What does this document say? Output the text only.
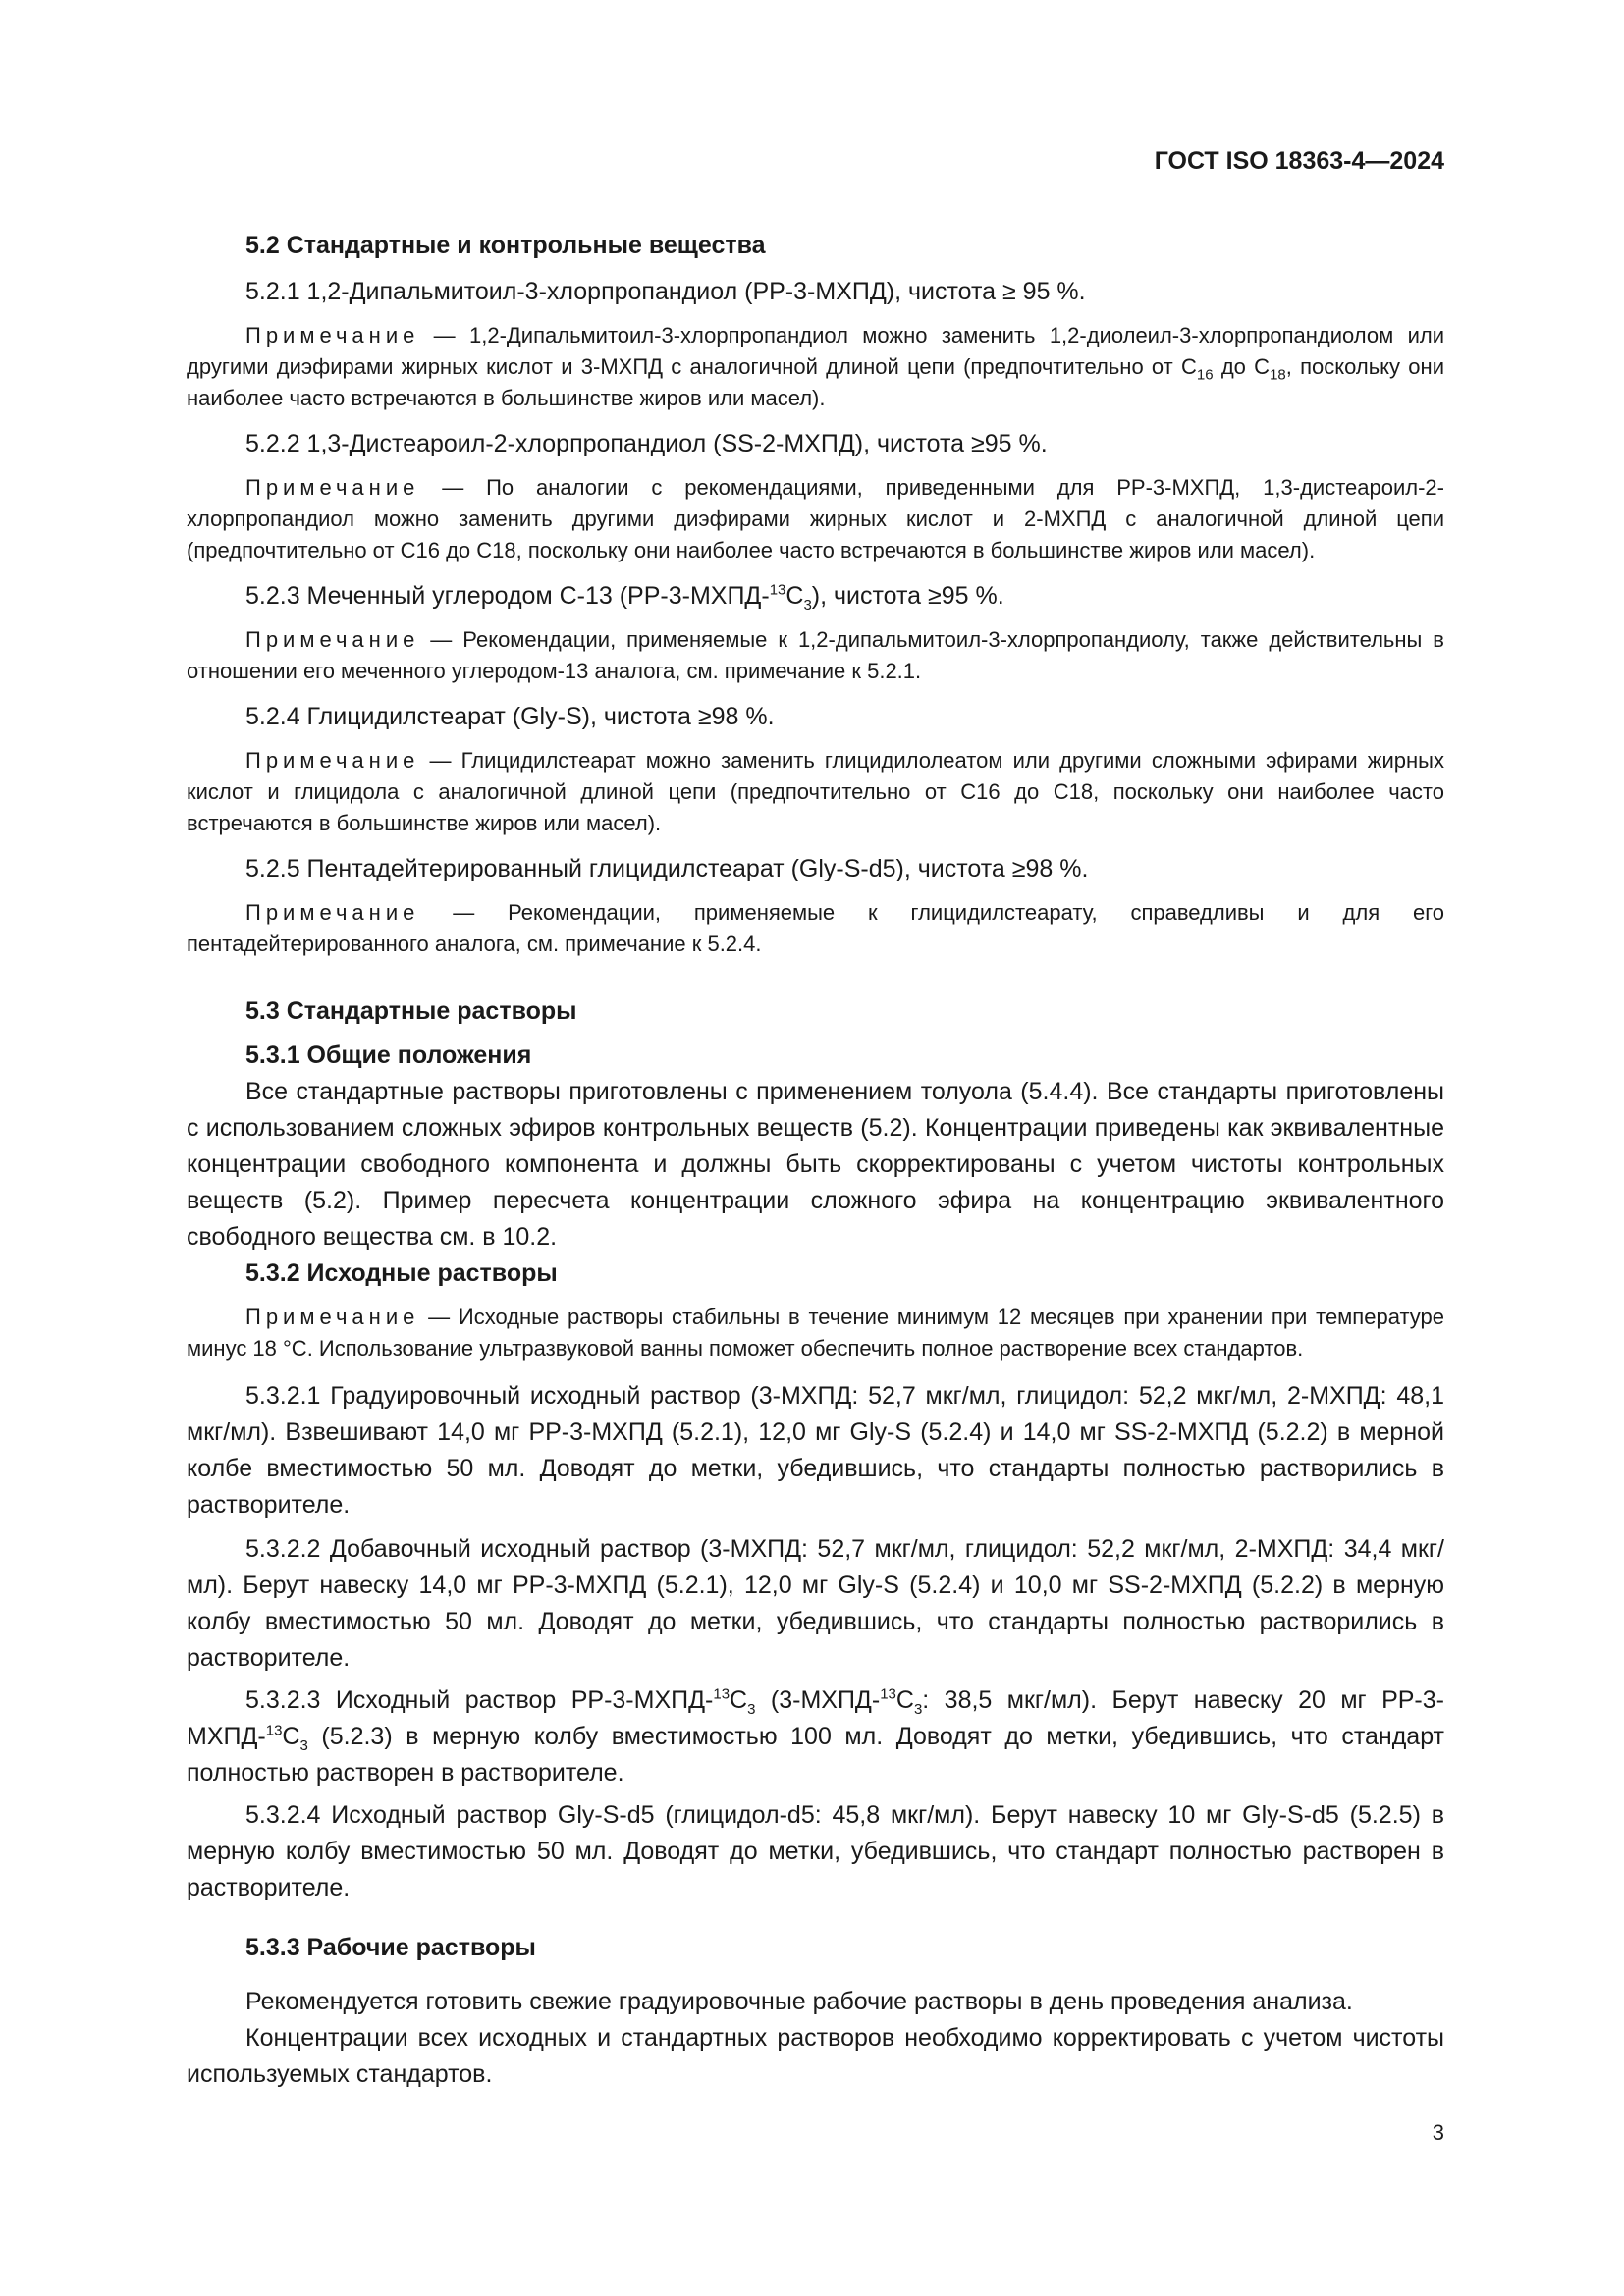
ГОСТ ISO 18363-4—2024

5.2 Стандартные и контрольные вещества

5.2.1 1,2-Дипальмитоил-3-хлорпропандиол (PP-3-МХПД), чистота ≥ 95 %.

Примечание — 1,2-Дипальмитоил-3-хлорпропандиол можно заменить 1,2-диолеил-3-хлорпропандиолом или другими диэфирами жирных кислот и 3-МХПД с аналогичной длиной цепи (предпочтительно от $С_{16}$ до $С_{18}$, поскольку они наиболее часто встречаются в большинстве жиров или масел).

5.2.2 1,3-Дистеароил-2-хлорпропандиол (SS-2-МХПД), чистота ≥95 %.

Примечание — По аналогии с рекомендациями, приведенными для PP-3-МХПД, 1,3-дистеароил-2-хлорпропандиол можно заменить другими диэфирами жирных кислот и 2-МХПД с аналогичной длиной цепи (предпочтительно от С16 до С18, поскольку они наиболее часто встречаются в большинстве жиров или масел).

5.2.3 Меченный углеродом С-13 $(PP-3-МХПД-^{13}C_3)$, чистота ≥95 %.

Примечание — Рекомендации, применяемые к 1,2-дипальмитоил-3-хлорпропандиолу, также действительны в отношении его меченного углеродом-13 аналога, см. примечание к 5.2.1.

5.2.4 Глицидилстеарат (Gly-S), чистота ≥98 %.

Примечание — Глицидилстеарат можно заменить глицидилолеатом или другими сложными эфирами жирных кислот и глицидола с аналогичной длиной цепи (предпочтительно от С16 до С18, поскольку они наиболее часто встречаются в большинстве жиров или масел).

5.2.5 Пентадейтерированный глицидилстеарат (Gly-S-d5), чистота ≥98 %.

Примечание — Рекомендации, применяемые к глицидилстеарату, справедливы и для его пентадейтерированного аналога, см. примечание к 5.2.4.

5.3 Стандартные растворы

5.3.1 Общие положения

Все стандартные растворы приготовлены с применением толуола (5.4.4). Все стандарты приготовлены с использованием сложных эфиров контрольных веществ (5.2). Концентрации приведены как эквивалентные концентрации свободного компонента и должны быть скорректированы с учетом чистоты контрольных веществ (5.2). Пример пересчета концентрации сложного эфира на концентрацию эквивалентного свободного вещества см. в 10.2.

5.3.2 Исходные растворы

Примечание — Исходные растворы стабильны в течение минимум 12 месяцев при хранении при температуре минус 18 °С. Использование ультразвуковой ванны поможет обеспечить полное растворение всех стандартов.

5.3.2.1 Градуировочный исходный раствор (3-МХПД: 52,7 мкг/мл, глицидол: 52,2 мкг/мл, 2-МХПД: 48,1 мкг/мл). Взвешивают 14,0 мг PP-3-МХПД (5.2.1), 12,0 мг Gly-S (5.2.4) и 14,0 мг SS-2-МХПД (5.2.2) в мерной колбе вместимостью 50 мл. Доводят до метки, убедившись, что стандарты полностью растворились в растворителе.

5.3.2.2 Добавочный исходный раствор (3-МХПД: 52,7 мкг/мл, глицидол: 52,2 мкг/мл, 2-МХПД: 34,4 мкг/мл). Берут навеску 14,0 мг PP-3-МХПД (5.2.1), 12,0 мг Gly-S (5.2.4) и 10,0 мг SS-2-МХПД (5.2.2) в мерную колбу вместимостью 50 мл. Доводят до метки, убедившись, что стандарты полностью растворились в растворителе.

5.3.2.3 Исходный раствор $PP-3-МХПД-^{13}C_3$ ($3-МХПД-^{13}C_3$: 38,5 мкг/мл). Берут навеску 20 мг $PP-3-МХПД-^{13}C_3$ (5.2.3) в мерную колбу вместимостью 100 мл. Доводят до метки, убедившись, что стандарт полностью растворен в растворителе.

5.3.2.4 Исходный раствор Gly-S-d5 (глицидол-d5: 45,8 мкг/мл). Берут навеску 10 мг Gly-S-d5 (5.2.5) в мерную колбу вместимостью 50 мл. Доводят до метки, убедившись, что стандарт полностью растворен в растворителе.

5.3.3 Рабочие растворы

Рекомендуется готовить свежие градуировочные рабочие растворы в день проведения анализа.

Концентрации всех исходных и стандартных растворов необходимо корректировать с учетом чистоты используемых стандартов.

3
